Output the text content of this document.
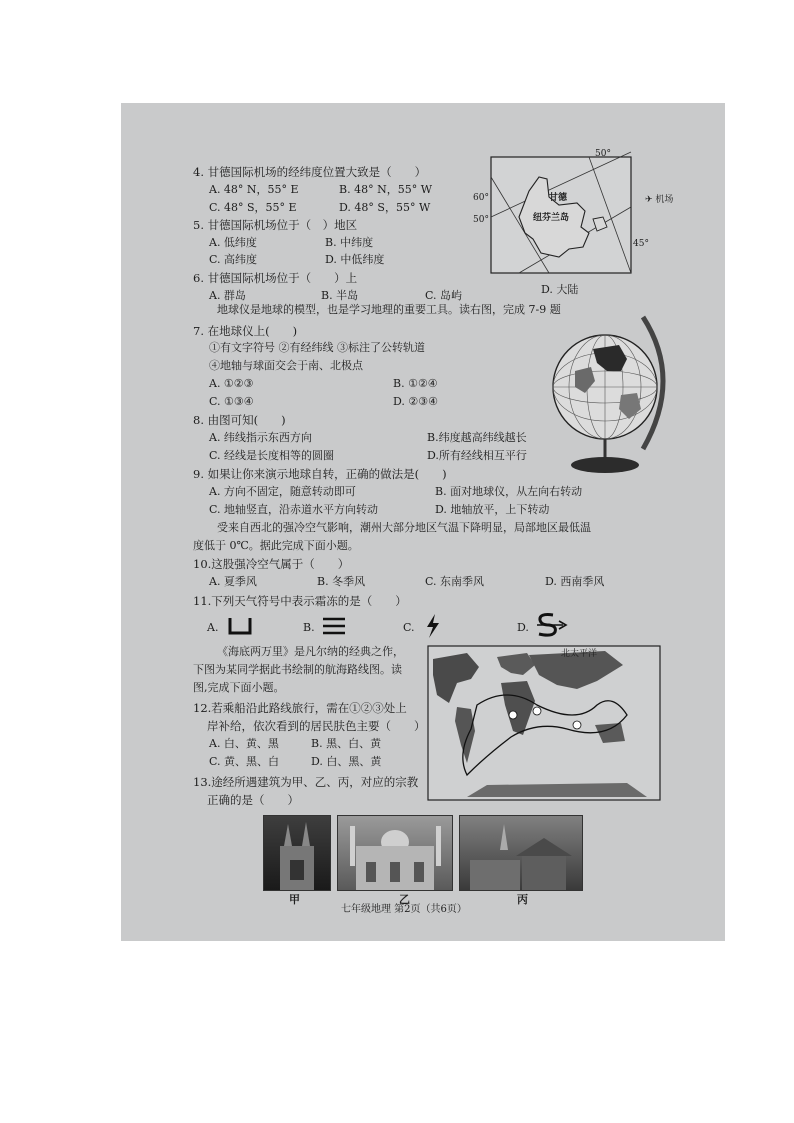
4. 甘德国际机场的经纬度位置大致是（　　）
A. 48° N，55° E	B. 48° N，55° W
C. 48° S，55° E	D. 48° S，55° W
5. 甘德国际机场位于（　）地区
A. 低纬度	B. 中纬度
C. 高纬度	D. 中低纬度
6. 甘德国际机场位于（　　）上
A. 群岛	B. 半岛	C. 岛屿	D. 大陆
50°
60°
50°
45°
甘德
纽芬兰岛
✈ 机场
地球仪是地球的模型，也是学习地理的重要工具。读右图，完成 7-9 题
7. 在地球仪上(　　)
①有文字符号 ②有经纬线 ③标注了公转轨道
④地轴与球面交会于南、北极点
A. ①②③	B. ①②④
C. ①③④	D. ②③④
8. 由图可知(　　)
A. 纬线指示东西方向	B.纬度越高纬线越长
C. 经线是长度相等的圆圈	D.所有经线相互平行
9. 如果让你来演示地球自转，正确的做法是(　　)
A. 方向不固定，随意转动即可	B. 面对地球仪，从左向右转动
C. 地轴竖直，沿赤道水平方向转动	D. 地轴放平，上下转动
受来自西北的强冷空气影响，潮州大部分地区气温下降明显，局部地区最低温
度低于 0℃。据此完成下面小题。
10.这股强冷空气属于（　　）
A. 夏季风	B. 冬季风	C. 东南季风	D. 西南季风
11.下列天气符号中表示霜冻的是（　　）
A.	B.	C.	D.
《海底两万里》是凡尔纳的经典之作，
下图为某同学据此书绘制的航海路线图。读
图,完成下面小题。
12.若乘船沿此路线旅行，需在①②③处上
岸补给，依次看到的居民肤色主要（　　）
A. 白、黄、黑	B. 黑、白、黄
C. 黄、黑、白	D. 白、黑、黄
13.途经所遇建筑为甲、乙、丙，对应的宗教
正确的是（　　）
北太平洋
甲	乙	丙
七年级地理 第2页（共6页）
